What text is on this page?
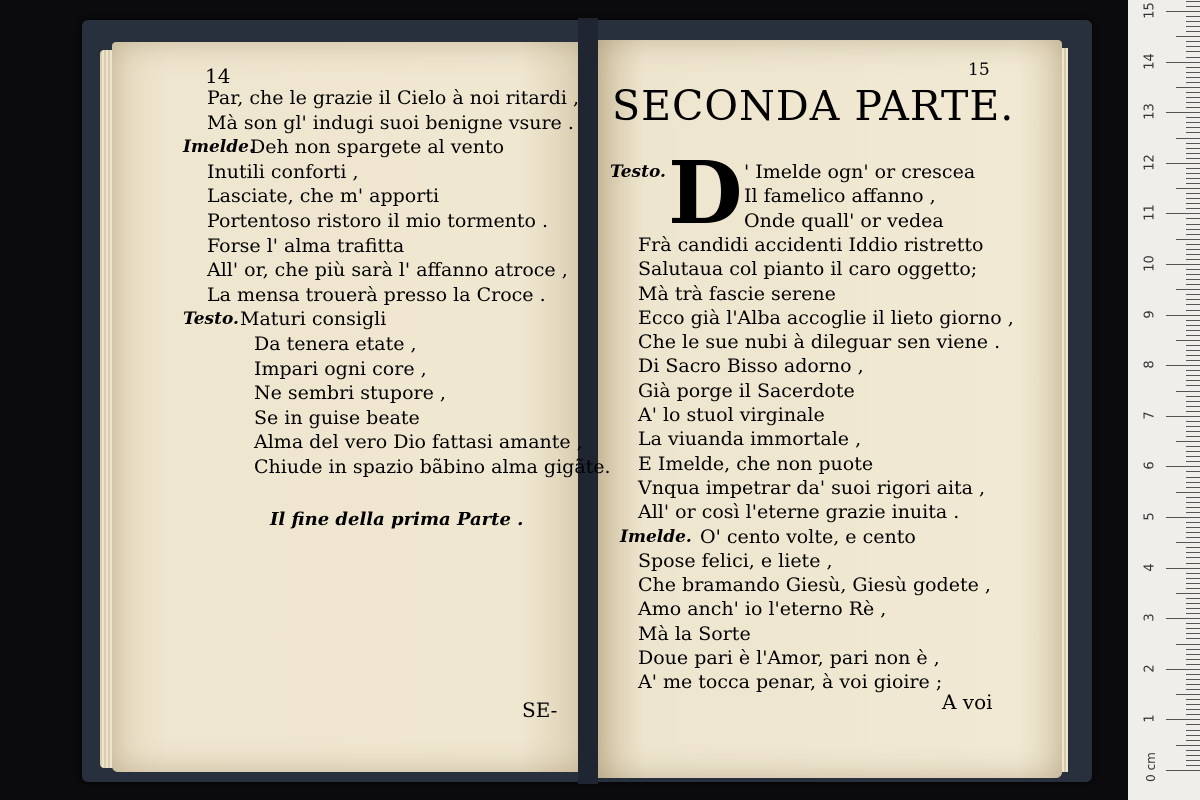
14
Par, che le grazie il Cielo à noi ritardi ,
Mà son gl' indugi suoi benigne vsure .
Imelde.
Deh non spargete al vento
Inutili conforti ,
Lasciate, che m' apporti
Portentoso ristoro il mio tormento .
Forse l' alma trafitta
All' or, che più sarà l' affanno atroce ,
La mensa trouerà presso la Croce .
Testo. Maturi consigli
Da tenera etate ,
Impari ogni core ,
Ne sembri stupore ,
Se in guise beate
Alma del vero Dio fattasi amante ,
Chiude in spazio bãbino alma gigãte.
15
SECONDA PARTE.
D
Testo.	' Imelde ogn' or crescea
Il famelico affanno ,
Onde quall' or vedea
Frà candidi accidenti Iddio ristretto
Salutaua col pianto il caro oggetto;
Mà trà fascie serene
Ecco già l'Alba accoglie il lieto giorno ,
Che le sue nubi à dileguar sen viene .
Di Sacro Bisso adorno ,
Già porge il Sacerdote
A' lo stuol virginale
La viuanda immortale ,
E Imelde, che non puote
Vnqua impetrar da' suoi rigori aita ,
All' or così l'eterne grazie inuita .
Imelde. O' cento volte, e cento
Spose felici, e liete ,
Che bramando Giesù, Giesù godete ,
Amo anch' io l'eterno Rè ,
Mà la Sorte
Doue pari è l'Amor, pari non è ,
A' me tocca penar, à voi gioire ;
Il fine della prima Parte .
SE-	A voi
0 cm
1
2
3
4
5
6
7
8
9
10
11
12
13
14
15
